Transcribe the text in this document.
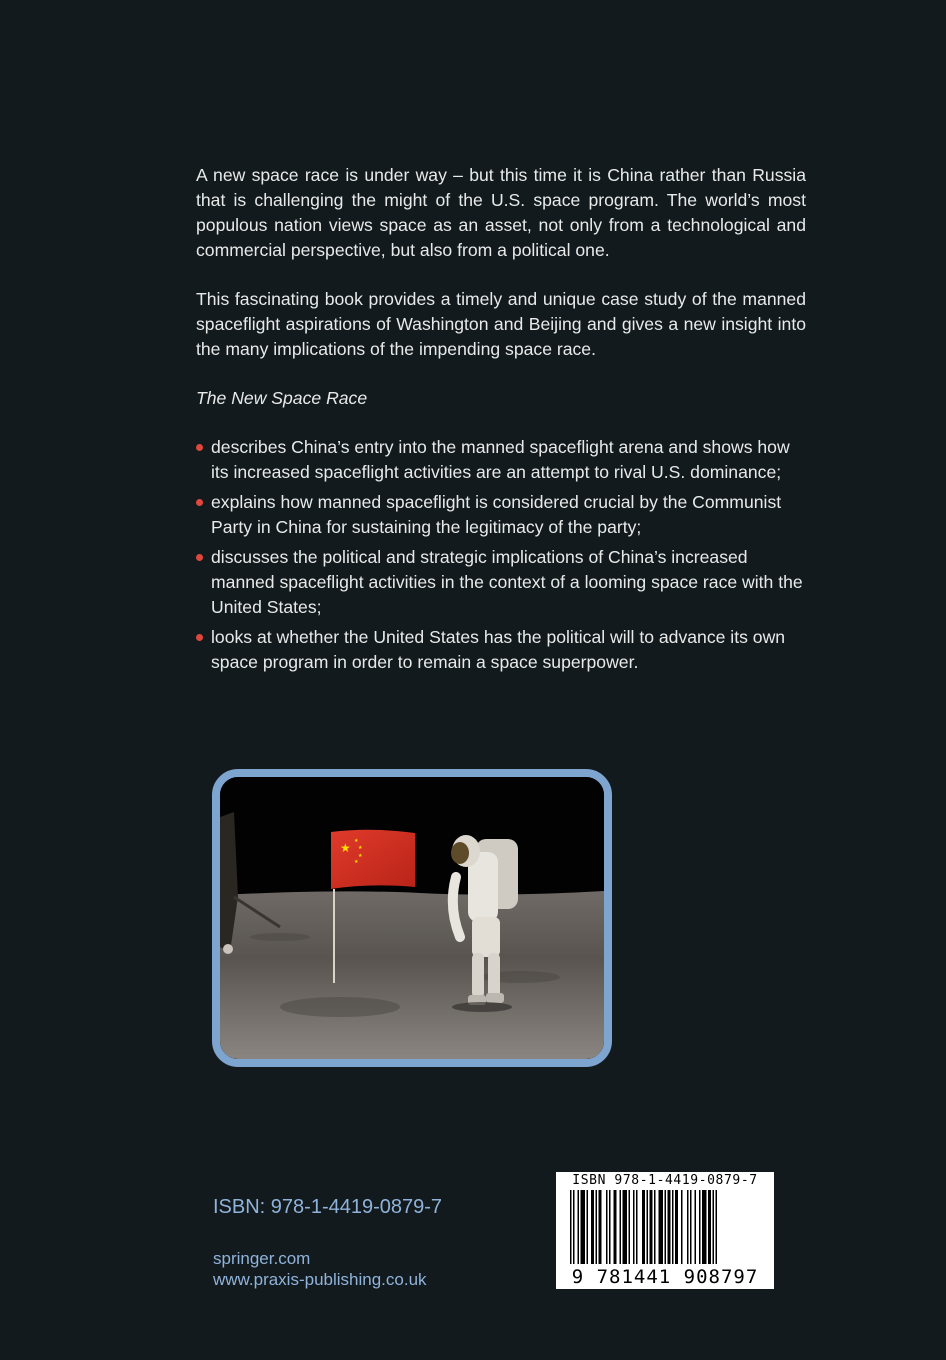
A new space race is under way – but this time it is China rather than Russia that is challenging the might of the U.S. space program. The world’s most populous nation views space as an asset, not only from a technological and commercial perspective, but also from a political one.

This fascinating book provides a timely and unique case study of the manned spaceflight aspirations of Washington and Beijing and gives a new insight into the many implications of the impending space race.

The New Space Race

describes China’s entry into the manned spaceflight arena and shows how its increased spaceflight activities are an attempt to rival U.S. dominance;
explains how manned spaceflight is considered crucial by the Communist Party in China for sustaining the legitimacy of the party;
discusses the political and strategic implications of China’s increased manned spaceflight activities in the context of a looming space race with the United States;
looks at whether the United States has the political will to advance its own space program in order to remain a space superpower.
★ ★
★
★
★
ISBN: 978-1-4419-0879-7
springer.com
www.praxis-publishing.co.uk
ISBN 978-1-4419-0879-7
9 781441 908797
